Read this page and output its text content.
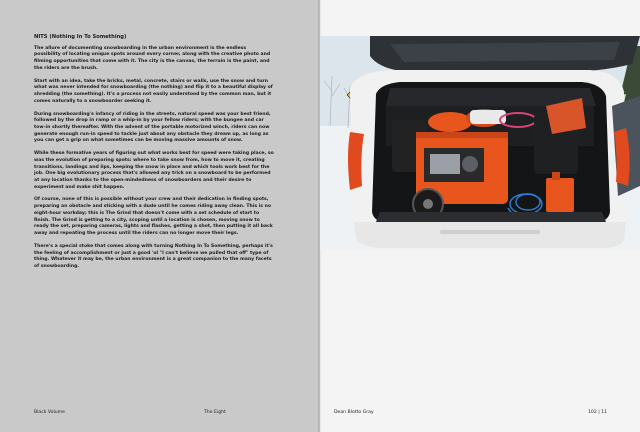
NITS (Nothing In To Something)

The allure of documenting snowboarding in the urban environment is the endless possibility of locating unique spots around every corner, along with the creative photo and filming opportunities that come with it. The city is the canvas, the terrain is the paint, and the riders are the brush.

Start with an idea, take the bricks, metal, concrete, stairs or walls, use the snow and turn what was never intended for snowboarding (the nothing) and flip it to a beautiful display of shredding (the something). It's a process not easily understood by the common man, but it comes naturally to a snowboarder seeking it.

During snowboarding's infancy of riding in the streets, natural speed was your best friend, followed by the drop in ramp or a whip-in by your fellow riders; with the bungee and car tow-in shortly thereafter. With the advent of the portable motorized winch, riders can now generate enough run-in speed to tackle just about any obstacle they dream up, as long as you can get a grip on what sometimes can be moving massive amounts of snow.

While these formative years of figuring out what works best for speed were taking place, so was the evolution of preparing spots: where to take snow from, how to move it, creating transitions, landings and lips, keeping the snow in place and which tools work best for the job. One big evolutionary process that's allowed any trick on a snowboard to be performed at any location thanks to the open-mindedness of snowboarders and their desire to experiment and make shit happen.

Of course, none of this is possible without your crew and their dedication in finding spots, preparing an obstacle and sticking with a dude until he comes riding away clean. This is no eight-hour workday; this is The Grind that doesn't come with a set schedule of start to finish. The Grind is getting to a city, scoping until a location is chosen, moving snow to ready the set, preparing cameras, lights and flashes, getting a shot, then putting it all back away and repeating the process until the riders can no longer move their legs.

There's a special stoke that comes along with turning Nothing In To Something, perhaps it's the feeling of accomplishment or just a good 'ol "I can't believe we pulled that off" type of thing. Whatever it may be, the urban environment is a great companion to the many facets of snowboarding.

Black Volume	The Eight	Dean Blotto Gray	102 | 11
